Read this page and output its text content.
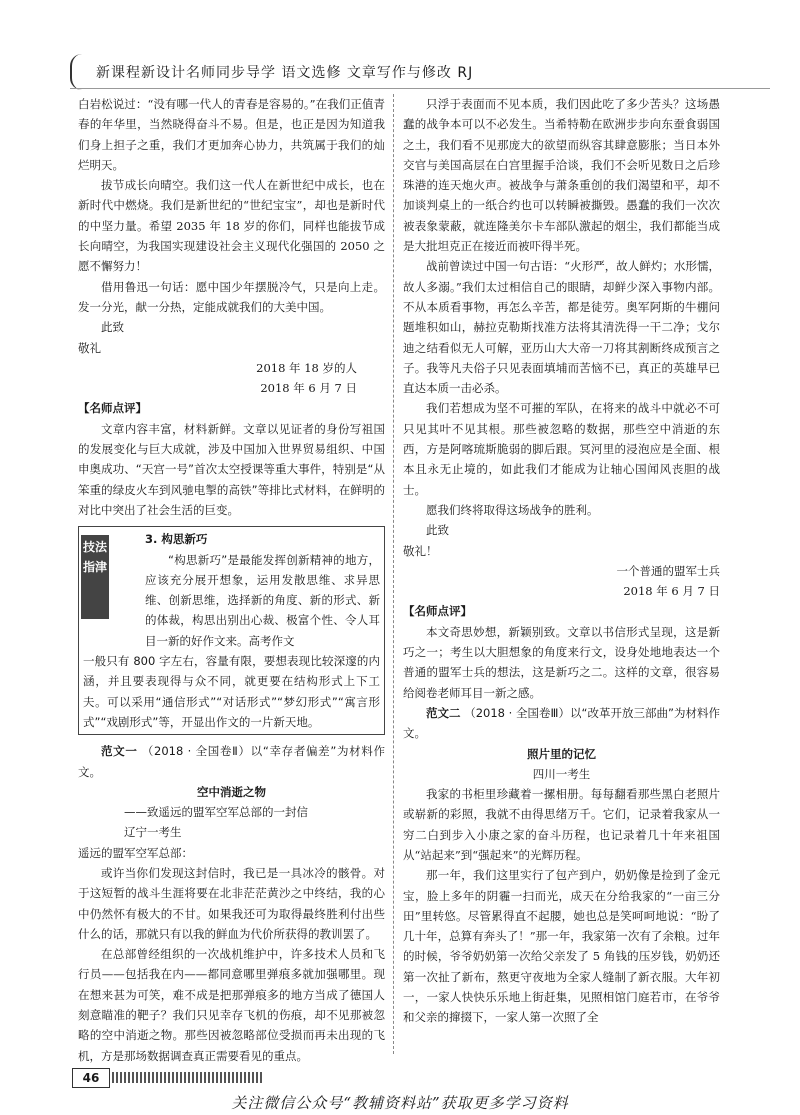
新课程新设计名师同步导学 语文选修 文章写作与修改 RJ

白岩松说过：“没有哪一代人的青春是容易的。”在我们正值青春的年华里，当然晓得奋斗不易。但是，也正是因为知道我们身上担子之重，我们才更加奔心协力，共筑属于我们的灿烂明天。

拔节成长向晴空。我们这一代人在新世纪中成长，也在新时代中燃烧。我们是新世纪的“世纪宝宝”，却也是新时代的中坚力量。希望 2035 年 18 岁的你们，同样也能拔节成长向晴空，为我国实现建设社会主义现代化强国的 2050 之愿不懈努力！

借用鲁迅一句话：愿中国少年摆脱冷气，只是向上走。发一分光，献一分热，定能成就我们的大美中国。

此致

敬礼

2018 年 18 岁的人

2018 年 6 月 7 日

【名师点评】

文章内容丰富，材料新鲜。文章以见证者的身份写祖国的发展变化与巨大成就，涉及中国加入世界贸易组织、中国申奥成功、“天宫一号”首次太空授课等重大事件，特别是“从笨重的绿皮火车到风驰电掣的高铁”等排比式材料，在鲜明的对比中突出了社会生活的巨变。

技法指津

3. 构思新巧

“构思新巧”是最能发挥创新精神的地方，应该充分展开想象，运用发散思维、求异思维、创新思维，选择新的角度、新的形式、新的体裁，构思出别出心裁、极富个性、令人耳目一新的好作文来。高考作文

一般只有 800 字左右，容量有限，要想表现比较深邃的内涵，并且要表现得与众不同，就更要在结构形式上下工夫。可以采用“通信形式”“对话形式”“梦幻形式”“寓言形式”“戏剧形式”等，开显出作文的一片新天地。

范文一 （2018 · 全国卷Ⅱ）以“幸存者偏差”为材料作文。

空中消逝之物

——致遥远的盟军空军总部的一封信

辽宁一考生

遥远的盟军空军总部：

或许当你们发现这封信时，我已是一具冰冷的骸骨。对于这短暂的战斗生涯将要在北非茫茫黄沙之中终结，我的心中仍然怀有极大的不甘。如果我还可为取得最终胜利付出些什么的话，那就只有以我的鲜血为代价所获得的教训罢了。

在总部曾经组织的一次战机维护中，许多技术人员和飞行员——包括我在内——都同意哪里弹痕多就加强哪里。现在想来甚为可笑，难不成是把那弹痕多的地方当成了德国人刻意瞄准的靶子？我们只见幸存飞机的伤痕，却不见那被忽略的空中消逝之物。那些因被忽略部位受损而再未出现的飞机，方是那场数据调查真正需要看见的重点。

只浮于表面而不见本质，我们因此吃了多少苦头？这场愚蠢的战争本可以不必发生。当希特勒在欧洲步步向东蚕食弱国之土，我们看不见那庞大的欲望而纵容其肆意膨胀；当日本外交官与美国高层在白宫里握手洽谈，我们不会听见数日之后珍珠港的连天炮火声。被战争与萧条重创的我们渴望和平，却不加谈判桌上的一纸合约也可以转瞬被撕毁。愚蠢的我们一次次被表象蒙蔽，就连隆美尔卡车部队激起的烟尘，我们都能当成是大批坦克正在接近而被吓得半死。

战前曾读过中国一句古语：“火形严，故人鲜灼；水形懦，故人多溺。”我们太过相信自己的眼睛，却鲜少深入事物内部。不从本质看事物，再怎么辛苦，都是徒劳。奥军阿斯的牛棚问题堆积如山，赫拉克勒斯找准方法将其清洗得一干二净；戈尔迪之结看似无人可解，亚历山大大帝一刀将其割断终成预言之子。我等凡夫俗子只见表面填埔而苦恼不已，真正的英雄早已直达本质一击必杀。

我们若想成为坚不可摧的军队，在将来的战斗中就必不可只见其叶不见其根。那些被忽略的数据，那些空中消逝的东西，方是阿喀琉斯脆弱的脚后跟。冥河里的浸泡应是全面、根本且永无止境的，如此我们才能成为让轴心国闻风丧胆的战士。

愿我们终将取得这场战争的胜利。

此致

敬礼！

一个普通的盟军士兵

2018 年 6 月 7 日

【名师点评】

本文奇思妙想，新颖别致。文章以书信形式呈现，这是新巧之一；考生以大胆想象的角度来行文，设身处地地表达一个普通的盟军士兵的想法，这是新巧之二。这样的文章，很容易给阅卷老师耳目一新之感。

范文二 （2018 · 全国卷Ⅲ）以“改革开放三部曲”为材料作文。

照片里的记忆

四川一考生

我家的书柜里珍藏着一摞相册。每每翻看那些黑白老照片或崭新的彩照，我就不由得思绪万千。它们，记录着我家从一穷二白到步入小康之家的奋斗历程，也记录着几十年来祖国从“站起来”到“强起来”的光辉历程。

那一年，我们这里实行了包产到户，奶奶像是捡到了金元宝，脸上多年的阴霾一扫而光，成天在分给我家的“一亩三分田”里转悠。尽管累得直不起腰，她也总是笑呵呵地说：“盼了几十年，总算有奔头了！”那一年，我家第一次有了余粮。过年的时候，爷爷奶奶第一次给父亲发了 5 角钱的压岁钱，奶奶还第一次扯了新布，熬更守夜地为全家人缝制了新衣服。大年初一，一家人快快乐乐地上街赶集，见照相馆门庭若市，在爷爷和父亲的撺掇下，一家人第一次照了全

46
关注微信公众号“教辅资料站”获取更多学习资料
